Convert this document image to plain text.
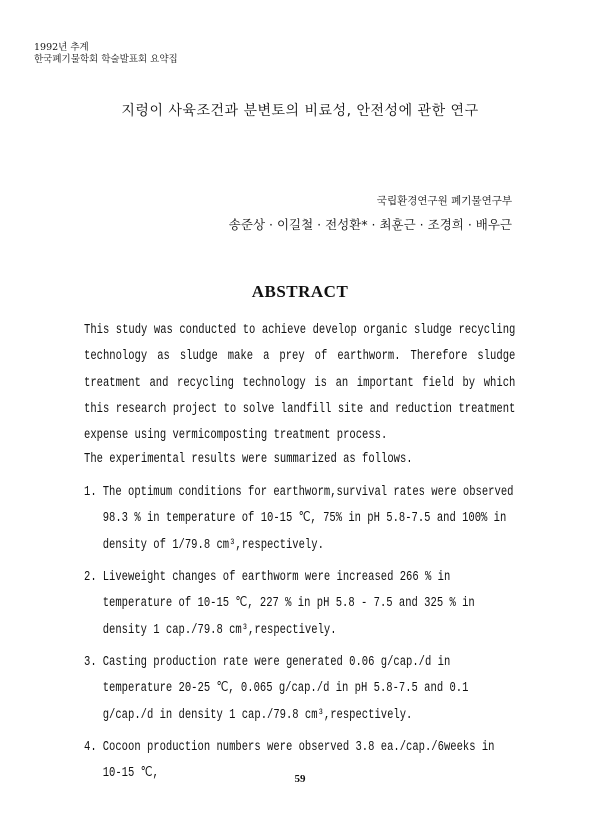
1992년 추계
한국폐기물학회 학술발표회 요약집
지렁이 사육조건과 분변토의 비료성, 안전성에 관한 연구
국립환경연구원 폐기물연구부
송준상 · 이길철 · 전성환* · 최훈근 · 조경희 · 배우근
ABSTRACT
This study was conducted to achieve develop organic sludge recycling technology as sludge make a prey of earthworm. Therefore sludge treatment and recycling technology is an important field by which this research project to solve landfill site and reduction treatment expense using vermicomposting treatment process.
The experimental results were summarized as follows.
1. The optimum conditions for earthworm,survival rates were observed 98.3 % in temperature of 10-15 ℃, 75% in pH 5.8-7.5 and 100% in density of 1/79.8 cm³,respectively.
2. Liveweight changes of earthworm were increased 266 % in temperature of 10-15 ℃, 227 % in pH 5.8 - 7.5 and 325 % in density 1 cap./79.8 cm³,respectively.
3. Casting production rate were generated 0.06 g/cap./d in temperature 20-25 ℃, 0.065 g/cap./d in pH 5.8-7.5 and 0.1 g/cap./d in density 1 cap./79.8 cm³,respectively.
4. Cocoon production numbers were observed 3.8 ea./cap./6weeks in 10-15 ℃,	59
